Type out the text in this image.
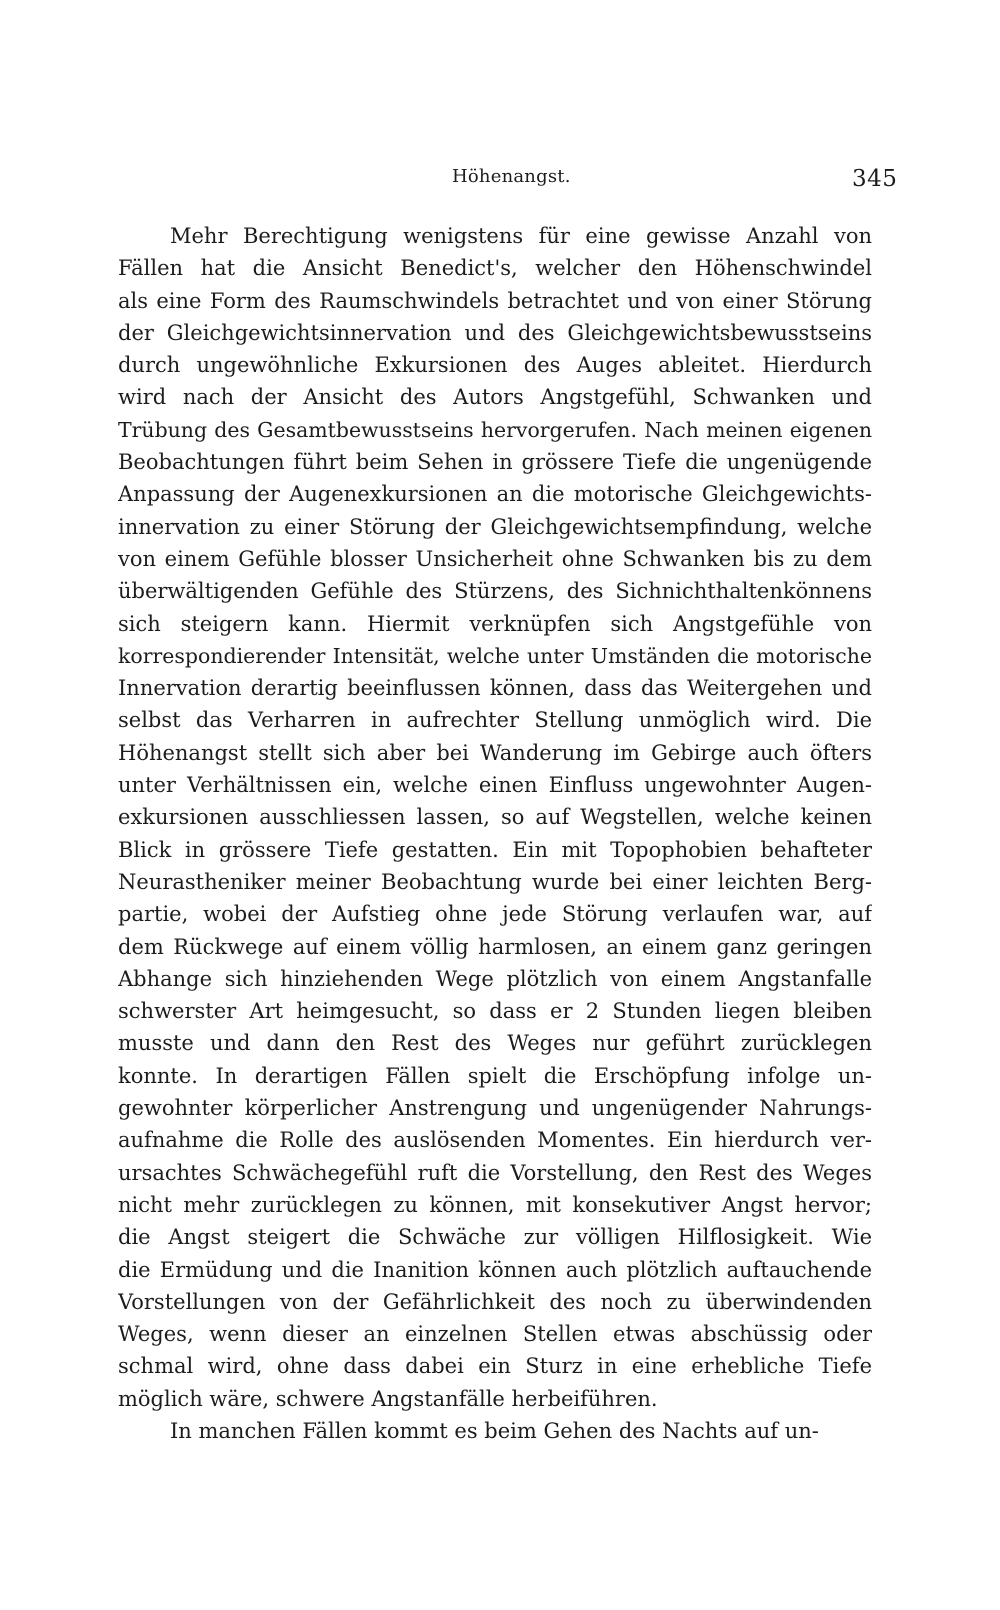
Höhenangst.	345
Mehr Berechtigung wenigstens für eine gewisse Anzahl von
Fällen hat die Ansicht Benedict's, welcher den Höhenschwindel
als eine Form des Raumschwindels betrachtet und von einer Störung
der Gleichgewichtsinnervation und des Gleichgewichtsbewusstseins
durch ungewöhnliche Exkursionen des Auges ableitet. Hierdurch
wird nach der Ansicht des Autors Angstgefühl, Schwanken und
Trübung des Gesamtbewusstseins hervorgerufen. Nach meinen eigenen
Beobachtungen führt beim Sehen in grössere Tiefe die ungenügende
Anpassung der Augenexkursionen an die motorische Gleichgewichts-
innervation zu einer Störung der Gleichgewichtsempfindung, welche
von einem Gefühle blosser Unsicherheit ohne Schwanken bis zu dem
überwältigenden Gefühle des Stürzens, des Sichnichthaltenkönnens
sich steigern kann. Hiermit verknüpfen sich Angstgefühle von
korrespondierender Intensität, welche unter Umständen die motorische
Innervation derartig beeinflussen können, dass das Weitergehen und
selbst das Verharren in aufrechter Stellung unmöglich wird. Die
Höhenangst stellt sich aber bei Wanderung im Gebirge auch öfters
unter Verhältnissen ein, welche einen Einfluss ungewohnter Augen-
exkursionen ausschliessen lassen, so auf Wegstellen, welche keinen
Blick in grössere Tiefe gestatten. Ein mit Topophobien behafteter
Neurastheniker meiner Beobachtung wurde bei einer leichten Berg-
partie, wobei der Aufstieg ohne jede Störung verlaufen war, auf
dem Rückwege auf einem völlig harmlosen, an einem ganz geringen
Abhange sich hinziehenden Wege plötzlich von einem Angstanfalle
schwerster Art heimgesucht, so dass er 2 Stunden liegen bleiben
musste und dann den Rest des Weges nur geführt zurücklegen
konnte. In derartigen Fällen spielt die Erschöpfung infolge un-
gewohnter körperlicher Anstrengung und ungenügender Nahrungs-
aufnahme die Rolle des auslösenden Momentes. Ein hierdurch ver-
ursachtes Schwächegefühl ruft die Vorstellung, den Rest des Weges
nicht mehr zurücklegen zu können, mit konsekutiver Angst hervor;
die Angst steigert die Schwäche zur völligen Hilflosigkeit. Wie
die Ermüdung und die Inanition können auch plötzlich auftauchende
Vorstellungen von der Gefährlichkeit des noch zu überwindenden
Weges, wenn dieser an einzelnen Stellen etwas abschüssig oder
schmal wird, ohne dass dabei ein Sturz in eine erhebliche Tiefe
möglich wäre, schwere Angstanfälle herbeiführen.
In manchen Fällen kommt es beim Gehen des Nachts auf un-
